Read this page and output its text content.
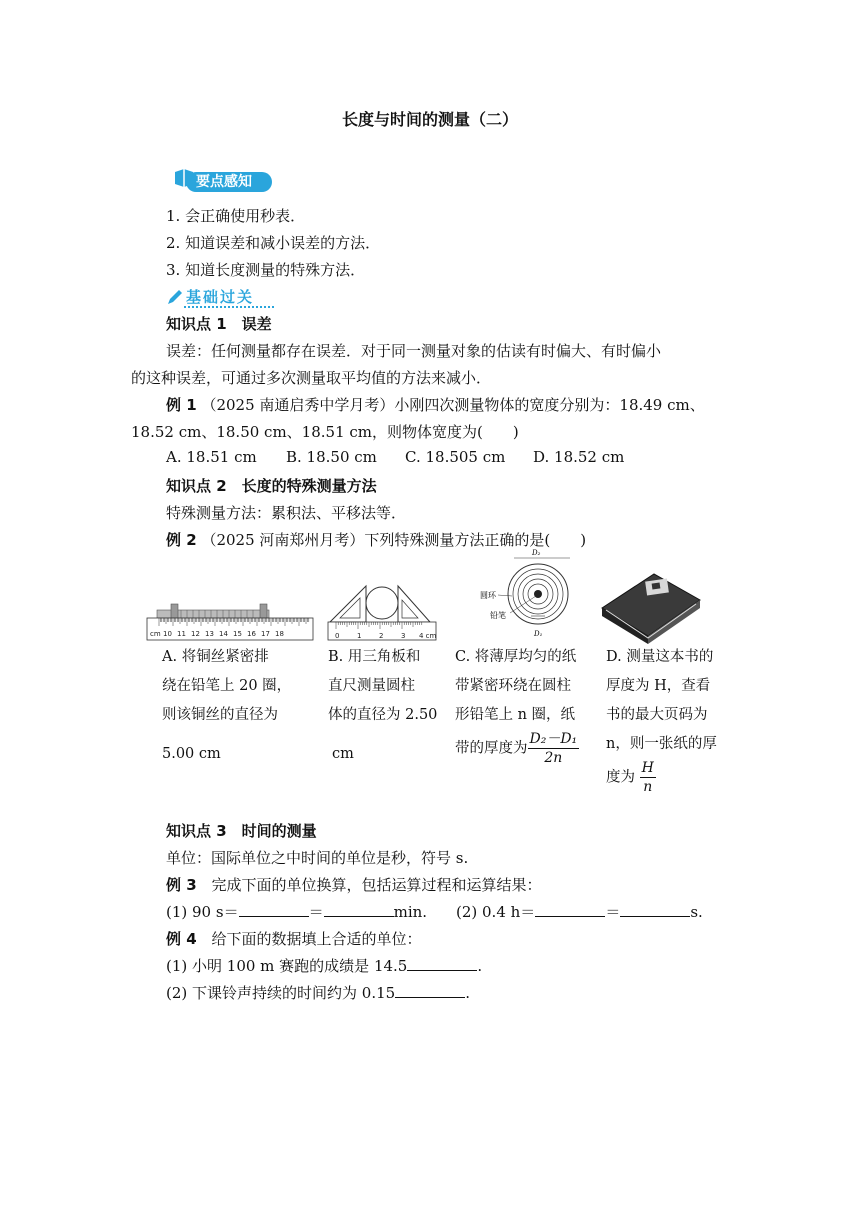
长度与时间的测量（二）
要点感知
1. 会正确使用秒表．
2. 知道误差和减小误差的方法．
3. 知道长度测量的特殊方法．
基础过关
知识点 1　误差
误差：任何测量都存在误差．对于同一测量对象的估读有时偏大、有时偏小
的这种误差，可通过多次测量取平均值的方法来减小．
例 1 （2025 南通启秀中学月考）小刚四次测量物体的宽度分别为：18.49 cm、
18.52 cm、18.50 cm、18.51 cm，则物体宽度为(　　)
A. 18.51 cm B. 18.50 cm C. 18.505 cm D. 18.52 cm
知识点 2　长度的特殊测量方法
特殊测量方法：累积法、平移法等．
例 2 （2025 河南郑州月考）下列特殊测量方法正确的是(　　)
cm 10 11 12 13 14 15 16 17 18	0	1	2	3 4 cm
D₂
D₁
圆环
铅笔
A. 将铜丝紧密排
绕在铅笔上 20 圈，
则该铜丝的直径为
5.00 cm
B. 用三角板和
直尺测量圆柱
体的直径为 2.50
cm
C. 将薄厚均匀的纸
带紧密环绕在圆柱
形铅笔上 n 圈，纸
带的厚度为 $\frac{\text{D₂－D₁}}{2n}$
D. 测量这本书的
厚度为 H，查看
书的最大页码为
n，则一张纸的厚
度为 $\frac{H}{n}$
知识点 3　时间的测量
单位：国际单位之中时间的单位是秒，符号 s.
例 3 完成下面的单位换算，包括运算过程和运算结果：
(1) 90 s＝	＝	min. (2) 0.4 h＝	＝	s.
例 4 给下面的数据填上合适的单位：
(1) 小明 100 m 赛跑的成绩是 14.5	.
(2) 下课铃声持续的时间约为 0.15	.
